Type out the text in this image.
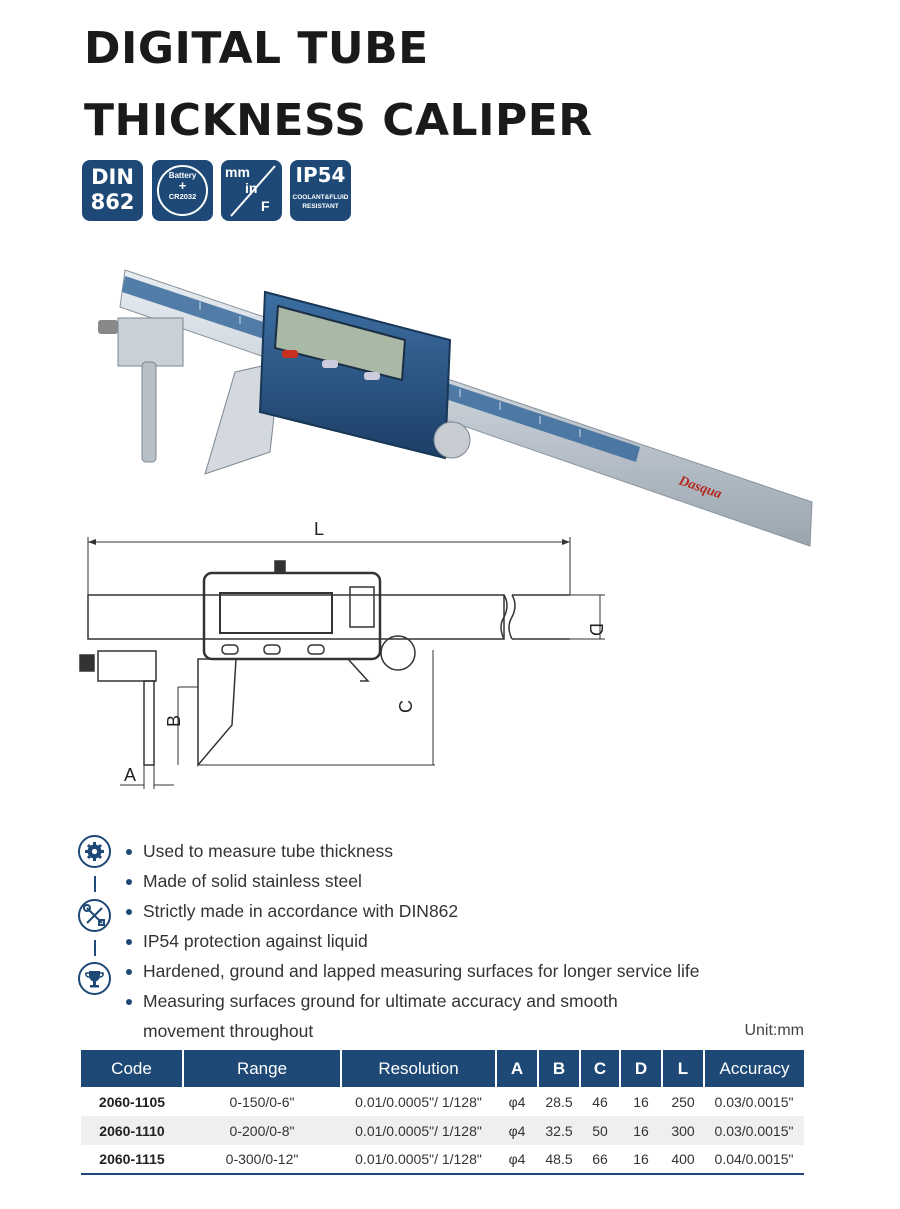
DIGITAL TUBE
THICKNESS CALIPER
DIN
862
Battery
+
CR2032
mm
in
F
IP54
COOLANT&FLUID
RESISTANT
Dasqua
L
D
C
B
A
Used to measure tube thickness
Made of solid stainless steel
Strictly made in accordance with DIN862
IP54 protection against liquid
Hardened, ground and lapped measuring surfaces for longer service life
Measuring surfaces ground for ultimate accuracy and smooth movement throughout	Unit:mm
Code	Range	Resolution	A	B	C	D	L	Accuracy
2060-1105	0-150/0-6"	0.01/0.0005"/ 1/128"	φ4	28.5	46	16	250	0.03/0.0015"
2060-1110	0-200/0-8"	0.01/0.0005"/ 1/128"	φ4	32.5	50	16	300	0.03/0.0015"
2060-1115	0-300/0-12"	0.01/0.0005"/ 1/128"	φ4	48.5	66	16	400	0.04/0.0015"
